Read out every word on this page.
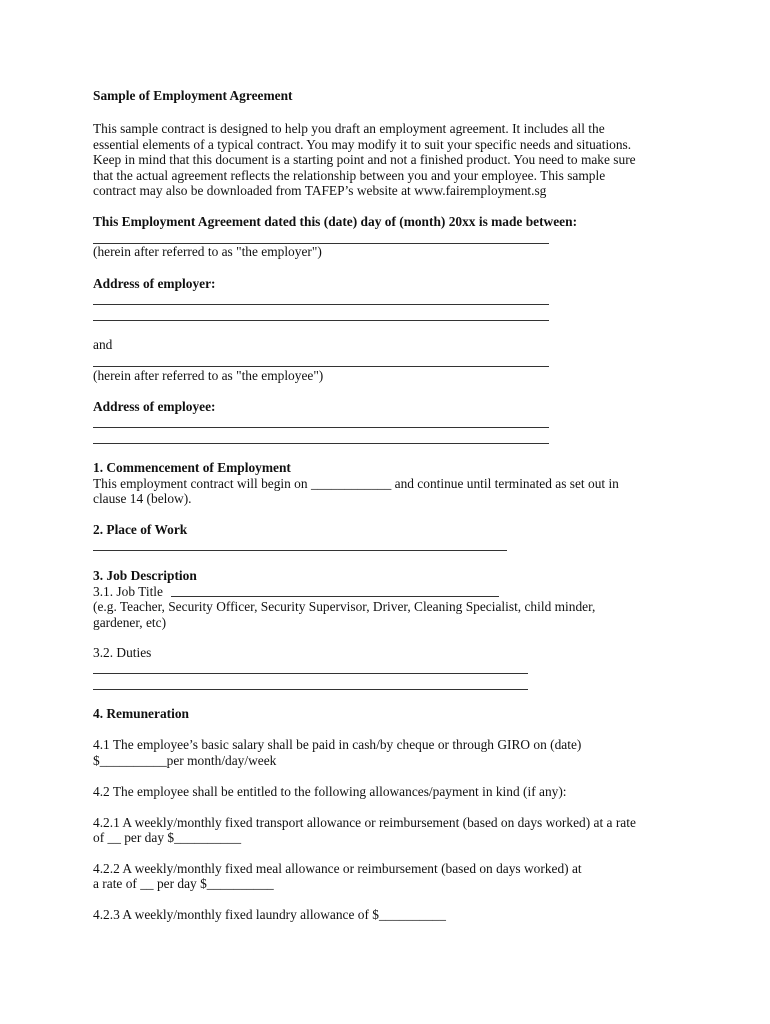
Sample of Employment Agreement
This sample contract is designed to help you draft an employment agreement. It includes all the
essential elements of a typical contract. You may modify it to suit your specific needs and situations.
Keep in mind that this document is a starting point and not a finished product. You need to make sure
that the actual agreement reflects the relationship between you and your employee. This sample
contract may also be downloaded from TAFEP’s website at www.fairemployment.sg
This Employment Agreement dated this (date) day of (month) 20xx is made between:
(herein after referred to as "the employer")
Address of employer:
and
(herein after referred to as "the employee")
Address of employee:
1. Commencement of Employment
This employment contract will begin on ____________ and continue until terminated as set out in
clause 14 (below).
2. Place of Work
3. Job Description
3.1. Job Title
(e.g. Teacher, Security Officer, Security Supervisor, Driver, Cleaning Specialist, child minder,
gardener, etc)
3.2. Duties
4. Remuneration
4.1 The employee’s basic salary shall be paid in cash/by cheque or through GIRO on (date)
$__________per month/day/week
4.2 The employee shall be entitled to the following allowances/payment in kind (if any):
4.2.1 A weekly/monthly fixed transport allowance or reimbursement (based on days worked) at a rate
of __ per day $__________
4.2.2 A weekly/monthly fixed meal allowance or reimbursement (based on days worked) at
a rate of __ per day $__________
4.2.3 A weekly/monthly fixed laundry allowance of $__________
